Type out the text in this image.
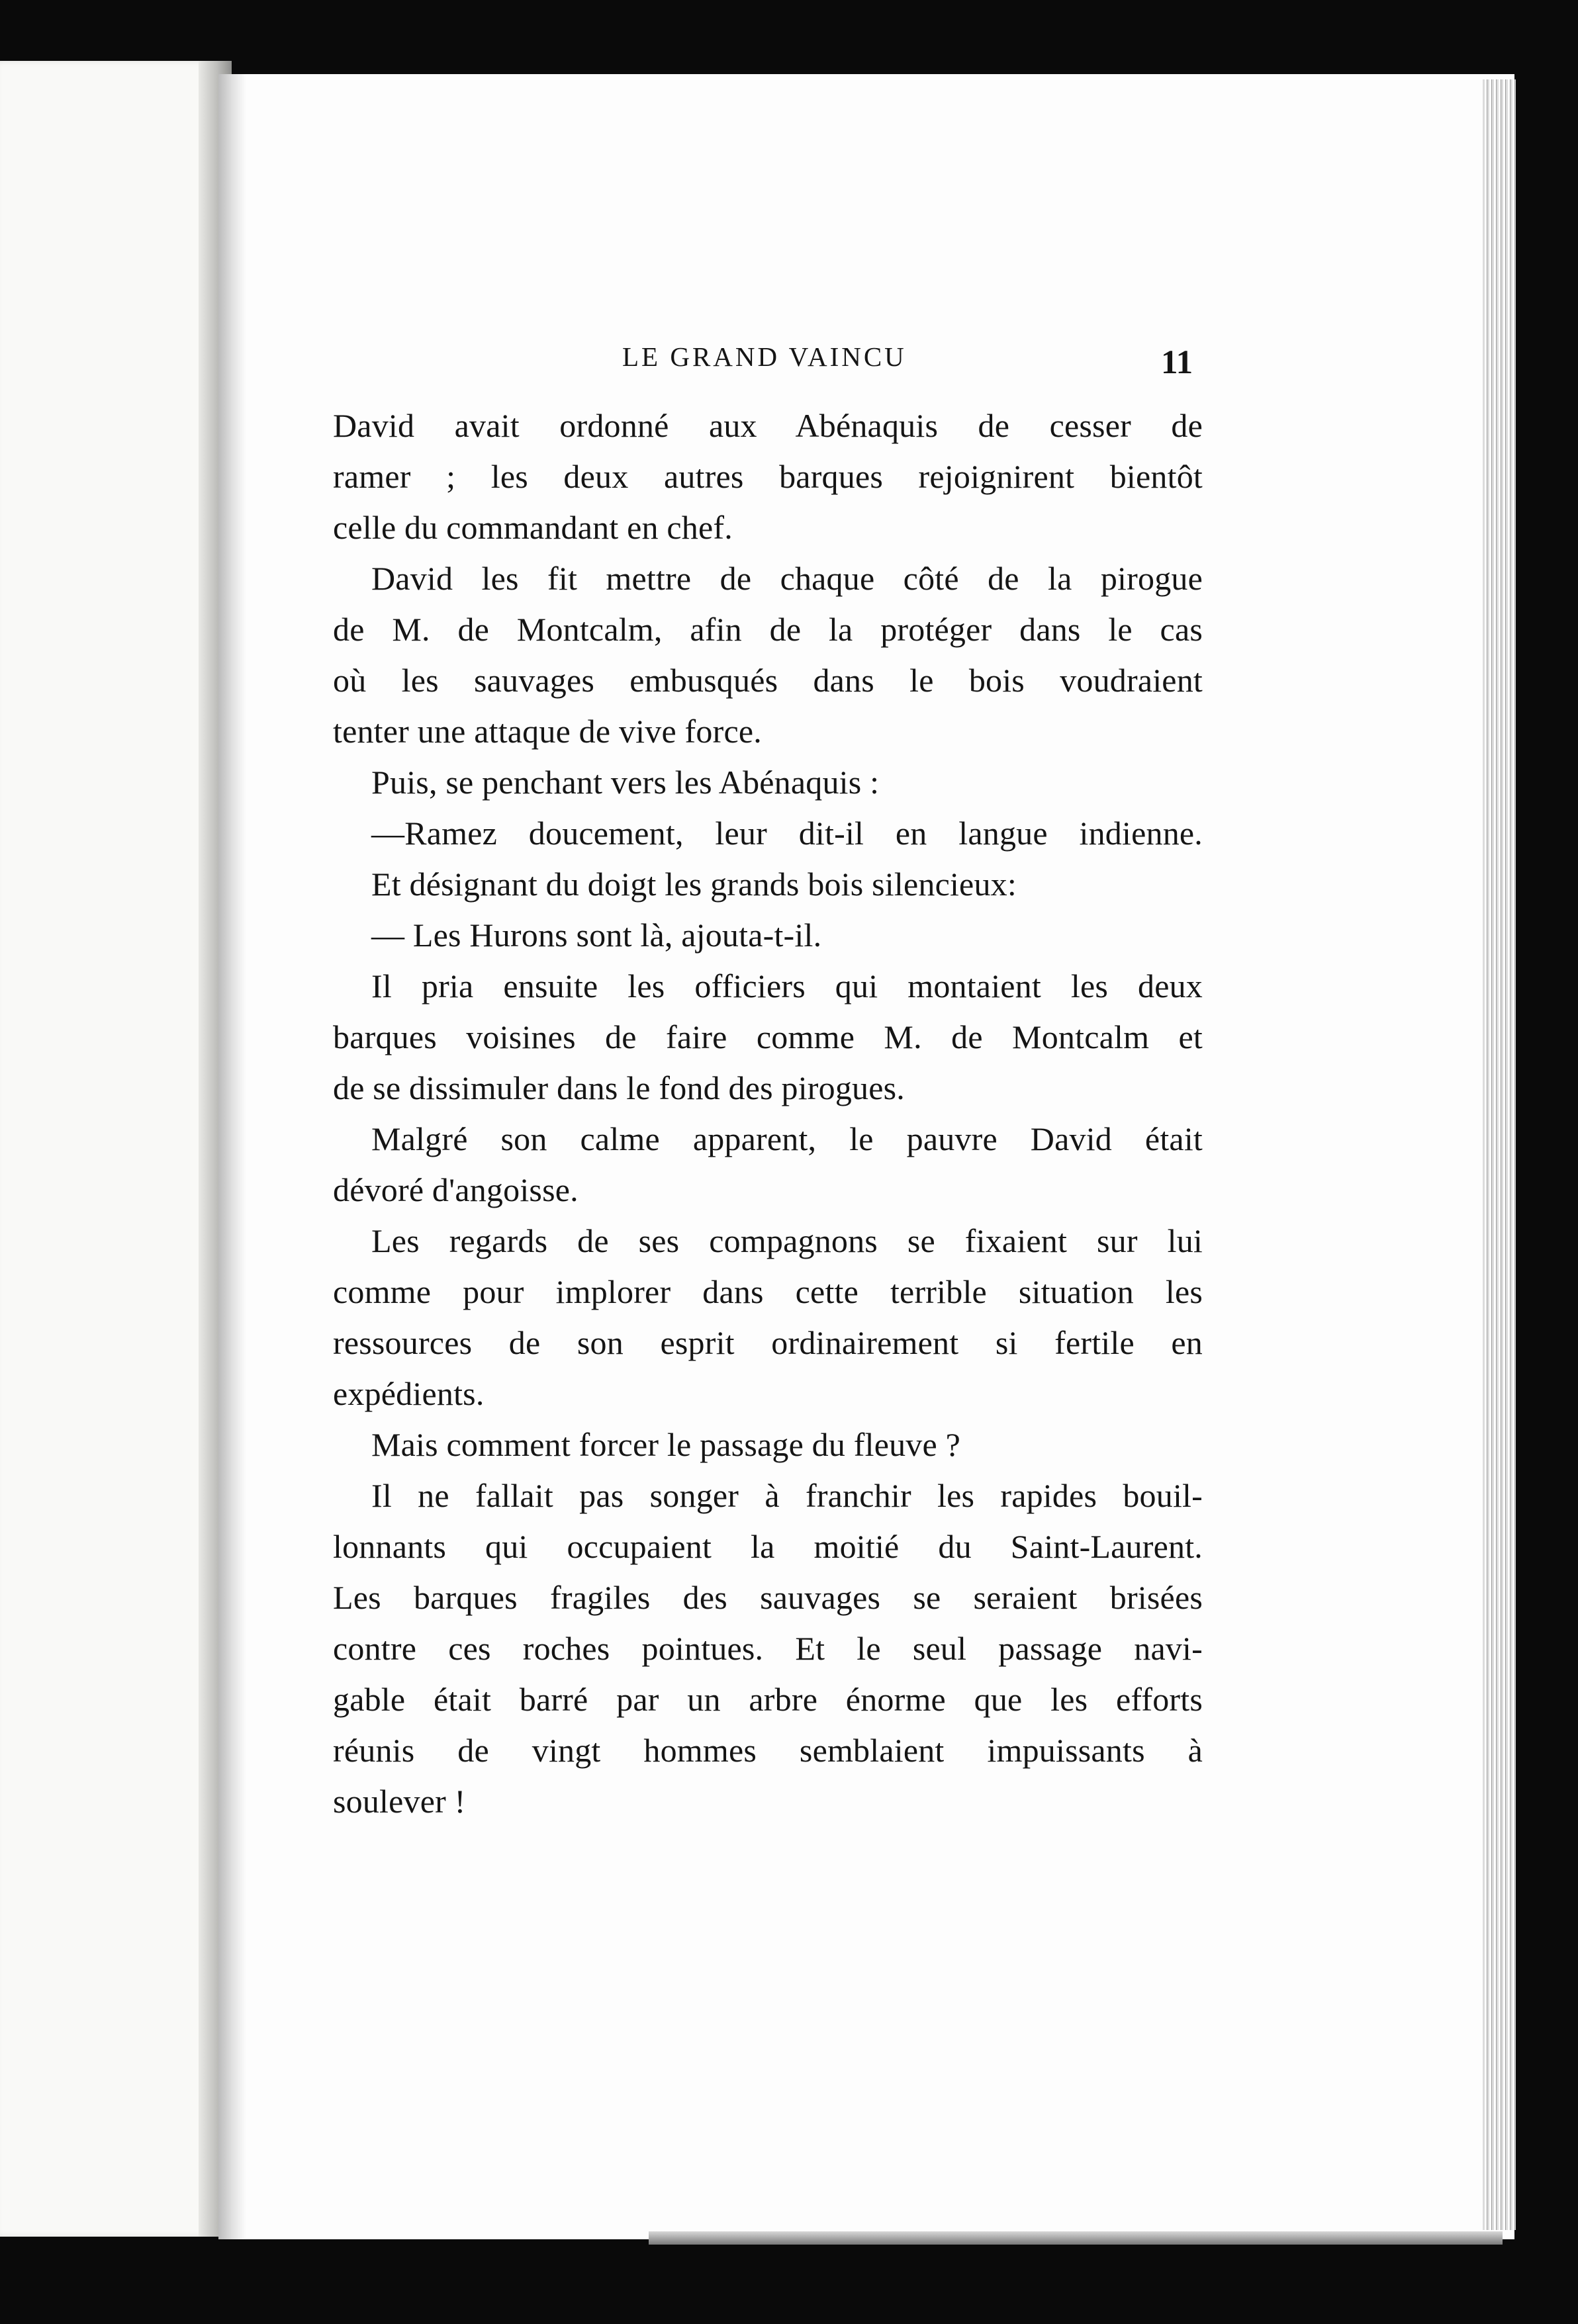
LE GRAND VAINCU	11
David avait ordonné aux Abénaquis de cesser de
ramer ; les deux autres barques rejoignirent bientôt
celle du commandant en chef.
David les fit mettre de chaque côté de la pirogue
de M. de Montcalm, afin de la protéger dans le cas
où les sauvages embusqués dans le bois voudraient
tenter une attaque de vive force.
Puis, se penchant vers les Abénaquis :
—Ramez doucement, leur dit-il en langue indienne.
Et désignant du doigt les grands bois silencieux:
— Les Hurons sont là, ajouta-t-il.
Il pria ensuite les officiers qui montaient les deux
barques voisines de faire comme M. de Montcalm et
de se dissimuler dans le fond des pirogues.
Malgré son calme apparent, le pauvre David était
dévoré d'angoisse.
Les regards de ses compagnons se fixaient sur lui
comme pour implorer dans cette terrible situation les
ressources de son esprit ordinairement si fertile en
expédients.
Mais comment forcer le passage du fleuve ?
Il ne fallait pas songer à franchir les rapides bouil-
lonnants qui occupaient la moitié du Saint-Laurent.
Les barques fragiles des sauvages se seraient brisées
contre ces roches pointues. Et le seul passage navi-
gable était barré par un arbre énorme que les efforts
réunis de vingt hommes semblaient impuissants à
soulever !
